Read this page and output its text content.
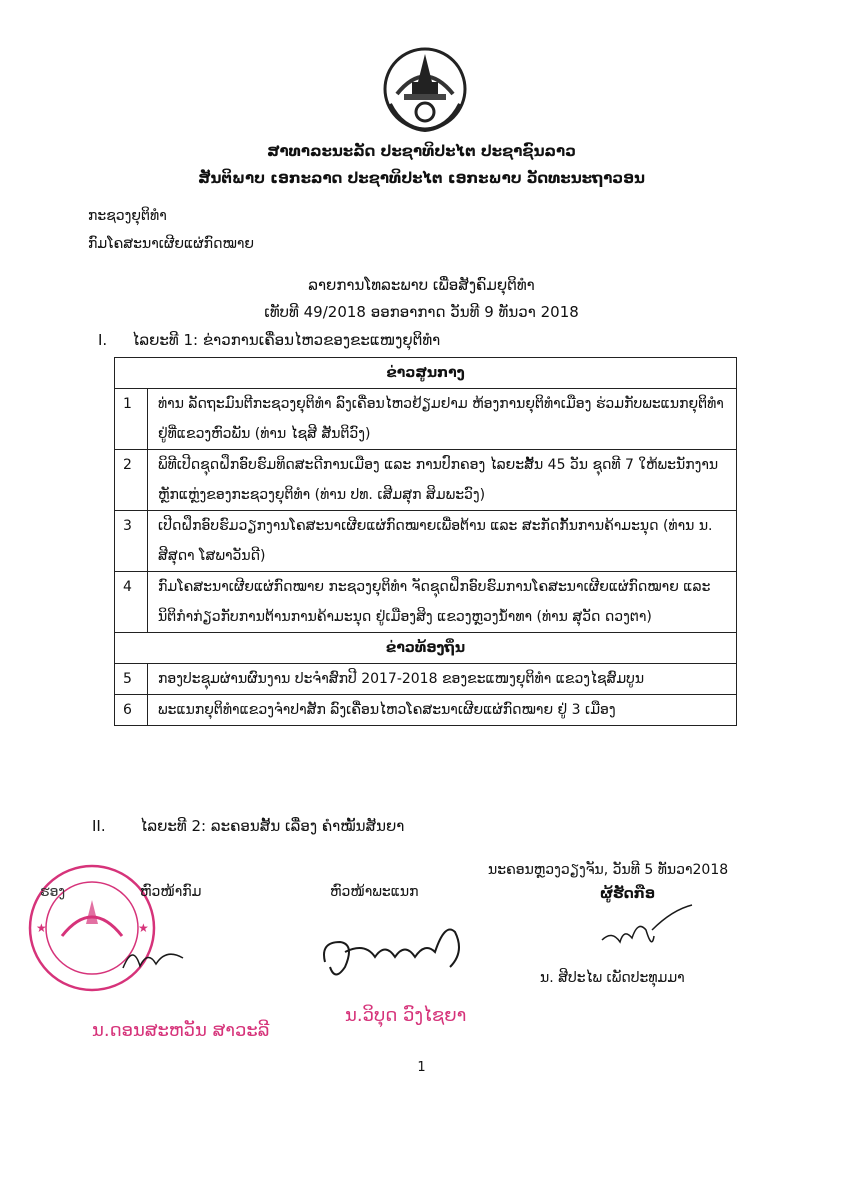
ສາທາລະນະລັດ ປະຊາທິປະໄຕ ປະຊາຊົນລາວ
ສັນຕິພາບ ເອກະລາດ ປະຊາທິປະໄຕ ເອກະພາບ ວັດທະນະຖາວອນ
ກະຊວງຍຸຕິທຳ
ກົມໂຄສະນາເຜີຍແຜ່ກົດໝາຍ
ລາຍການໂທລະພາບ ເພື່ອສັງຄົມຍຸຕິທຳ
ເທັບທີ 49/2018 ອອກອາກາດ ວັນທີ 9 ທັນວາ 2018
I. ໄລຍະທີ 1: ຂ່າວການເຄື່ອນໄຫວຂອງຂະແໜງຍຸຕິທຳ
ຂ່າວສູນກາງ	
1	ທ່ານ ລັດຖະມົນຕີກະຊວງຍຸຕິທຳ ລົງເຄື່ອນໄຫວຢ້ຽມຢາມ ຫ້ອງການຍຸຕິທຳເມືອງ ຮ່ວມກັບພະແນກຍຸຕິທຳ ຢູ່ທີ່ແຂວງຫົວພັນ (ທ່ານ ໄຊສີ ສັນຕິວົງ)
2	ພິທີເປີດຊຸດຝຶກອົບຮົມທິດສະດີການເມືອງ ແລະ ການປົກຄອງ ໄລຍະສັ້ນ 45 ວັນ ຊຸດທີ 7 ໃຫ້ພະນັກງານຫຼັກແຫຼ່ງຂອງກະຊວງຍຸຕິທຳ (ທ່ານ ປທ. ເສີມສຸກ ສິມພະວົງ)
3	ເປີດຝຶກອົບຮົມວຽກງານໂຄສະນາເຜີຍແຜ່ກົດໝາຍເພື່ອຕ້ານ ແລະ ສະກັດກັ້ນການຄ້າມະນຸດ (ທ່ານ ນ. ສີສຸດາ ໂສພາວັນດີ)
4	ກົມໂຄສະນາເຜີຍແຜ່ກົດໝາຍ ກະຊວງຍຸຕິທຳ ຈັດຊຸດຝຶກອົບຮົມການໂຄສະນາເຜີຍແຜ່ກົດໝາຍ ແລະ ນິຕິກຳກ່ຽວກັບການຕ້ານການຄ້າມະນຸດ ຢູ່ເມືອງສິງ ແຂວງຫຼວງນ້ຳທາ (ທ່ານ ສຸວັດ ດວງຕາ)
ຂ່າວທ້ອງຖິ່ນ	
5	ກອງປະຊຸມຜ່ານຜົນງານ ປະຈຳສົກປີ 2017-2018 ຂອງຂະແໜງຍຸຕິທຳ ແຂວງໄຊສົມບູນ
6	ພະແນກຍຸຕິທຳແຂວງຈຳປາສັກ ລົງເຄື່ອນໄຫວໂຄສະນາເຜີຍແຜ່ກົດໝາຍ ຢູ່ 3 ເມືອງ
II. ໄລຍະທີ 2: ລະຄອນສັ້ນ ເລື່ອງ ຄຳໝັ້ນສັນຍາ
ນະຄອນຫຼວງວຽງຈັນ, ວັນທີ 5 ທັນວາ2018
★	★
ຮອງ	ຫົວໜ້າກົມ
ນ.ດອນສະຫວັນ ສາວະລີ
ຫົວໜ້າພະແນກ
ນ.ວິບຸດ ວົງໄຊຍາ
ຜູ້ຮັດກືອ
ນ. ສີປະໄພ ເພັດປະທຸມມາ
1
